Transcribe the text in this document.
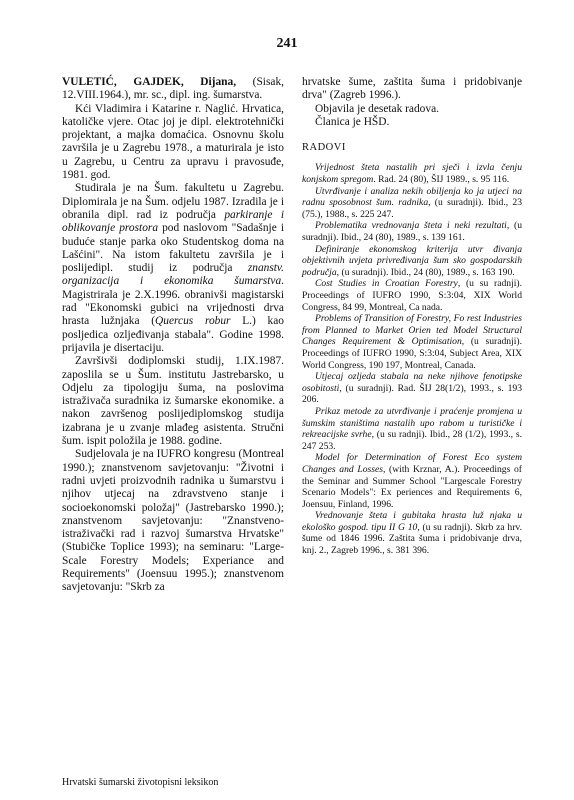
241

VULETIĆ, GAJDEK, Dijana, (Sisak, 12.VIII.1964.), mr. sc., dipl. ing. šumarstva.

Kći Vladimira i Katarine r. Naglić. Hrvatica, katoličke vjere. Otac joj je dipl. elektrotehnički projektant, a majka domaćica. Osnovnu školu završila je u Zagrebu 1978., a maturirala je isto u Zagrebu, u Centru za upravu i pravosuđe, 1981. god.

Studirala je na Šum. fakultetu u Zagrebu. Diplomirala je na Šum. odjelu 1987. Izradila je i obranila dipl. rad iz područja parkiranje i oblikovanje prostora pod naslovom "Sadašnje i buduće stanje parka oko Studentskog doma na Lašćini". Na istom fakultetu završila je i poslijedipl. studij iz područja znanstv. organizacija i ekonomika šumarstva. Magistrirala je 2.X.1996. obranivši magistarski rad "Ekonomski gubici na vrijednosti drva hrasta lužnjaka (Quercus robur L.) kao posljedica ozljeđivanja stabala". Godine 1998. prijavila je disertaciju.

Završivši dodiplomski studij, 1.IX.1987. zaposlila se u Šum. institutu Jastrebarsko, u Odjelu za tipologiju šuma, na poslovima istraživača suradnika iz šumarske ekonomike. a nakon završenog poslijediplomskog studija izabrana je u zvanje mlađeg asistenta. Stručni šum. ispit položila je 1988. godine.

Sudjelovala je na IUFRO kongresu (Montreal 1990.); znanstvenom savjetovanju: "Životni i radni uvjeti proizvodnih radnika u šumarstvu i njihov utjecaj na zdravstveno stanje i socioekonomski položaj" (Jastrebarsko 1990.); znanstvenom savjetovanju: "Znanstveno-istraživački rad i razvoj šumarstva Hrvatske" (Stubičke Toplice 1993); na seminaru: "Large-Scale Forestry Models; Experiance and Requirements" (Joensuu 1995.); znanstvenom savjetovanju: "Skrb za

hrvatske šume, zaštita šuma i pridobivanje drva" (Zagreb 1996.).

Objavila je desetak radova.

Članica je HŠD.

RADOVI

Vrijednost šteta nastalih pri sječi i izvla čenju konjskom spregom. Rad. 24 (80), ŠIJ 1989., s. 95 116.

Utvrđivanje i analiza nekih obiljenja ko ja utjeci na radnu sposobnost šum. radnika, (u suradnji). Ibid., 23 (75.), 1988., s. 225 247.

Problematika vrednovanja šteta i neki rezultati, (u suradnji). Ibid., 24 (80), 1989., s. 139 161.

Definiranje ekonomskog kriterija utvr đivanja objektivnih uvjeta privređivanja šum sko gospodarskih područja, (u suradnji). Ibid., 24 (80), 1989., s. 163 190.

Cost Studies in Croatian Forestry, (u su radnji). Proceedings of IUFRO 1990, S:3:04, XIX World Congress, 84 99, Montreal, Ca nada.

Problems of Transition of Forestry, Fo rest Industries from Planned to Market Orien ted Model Structural Changes Requirement & Optimisation, (u suradnji). Proceedings of IUFRO 1990, S:3:04, Subject Area, XIX World Congress, 190 197, Montreal, Canada.

Utjecaj ozljeda stabala na neke njihove fenotipske osobitosti, (u suradnji). Rad. ŠIJ 28(1/2), 1993., s. 193 206.

Prikaz metode za utvrđivanje i praćenje promjena u šumskim staništima nastalih upo rabom u turističke i rekreacijske svrhe, (u su radnji). Ibid., 28 (1/2), 1993., s. 247 253.

Model for Determination of Forest Eco system Changes and Losses, (with Krznar, A.). Proceedings of the Seminar and Summer School "Largescale Forestry Scenario Models": Ex periences and Requirements 6, Joensuu, Finland, 1996.

Vrednovanje šteta i gubitaka hrasta luž njaka u ekološko gospod. tipu II G 10, (u su radnji). Skrb za hrv. šume od 1846 1996. Zaštita šuma i pridobivanje drva, knj. 2., Zagreb 1996., s. 381 396.

Hrvatski šumarski životopisni leksikon
